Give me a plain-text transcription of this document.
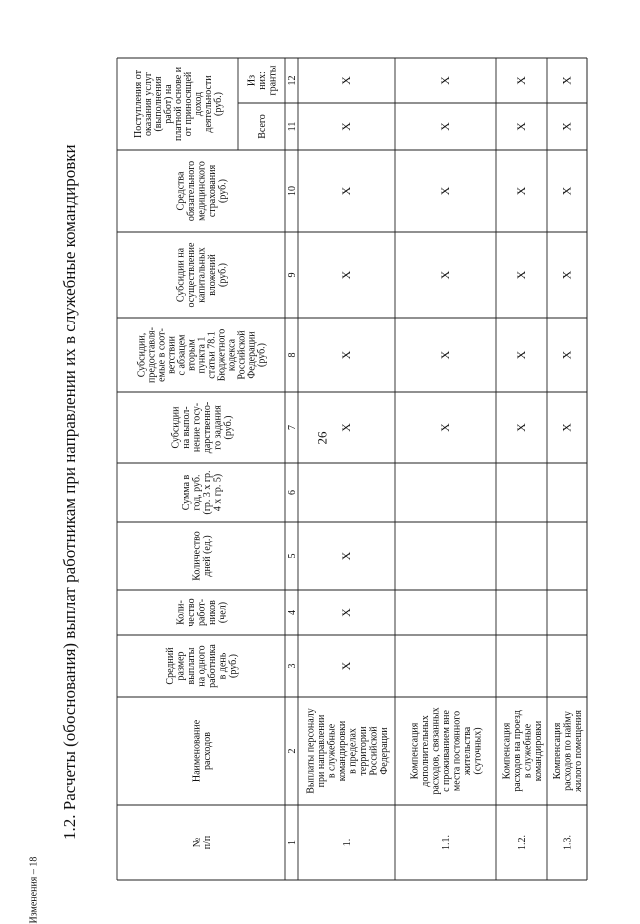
26
1.2. Расчеты (обоснования) выплат работникам при направлении их в служебные командировки
Изменения – 18
№п/п
Наименованиерасходов
Среднийразмервыплатына одногоработникав день(руб.)
Коли-честворабот-ников(чел)
Количестводней (ед.)
Сумма вгод, руб.(гр. 3 х гр.4 х гр. 5)
Субсидиина выпол-нение госу-дарственно-го задания(руб.)
Субсидии,предоставля-емые в соот-ветствиис абзацемвторымпункта 1статьи 78.1БюджетногокодексаРоссийскойФедерации(руб.)
Субсидии наосуществлениекапитальныхвложений(руб.)
Средстваобязательногомедицинскогострахования(руб.)
Поступления отоказания услуг(выполненияработ) наплатной основе иот приносящейдоходдеятельности(руб.)
Всего
Изних:гранты
1
2
3
4
5
6
7
8
9
10
11
12
1.
Выплаты персоналупри направлениив служебныекомандировкив пределахтерриторииРоссийскойФедерации
X
X
X
X
X
X
X
X
X
1.1.
Компенсациядополнительныхрасходов, связанныхс проживанием внеместа постоянногожительства(суточных)
X
X
X
X
X
X
1.2.
Компенсациярасходов на проездв служебныекомандировки
X
X
X
X
X
X
1.3.
Компенсациярасходов по наймужилого помещения
X
X
X
X
X
X
